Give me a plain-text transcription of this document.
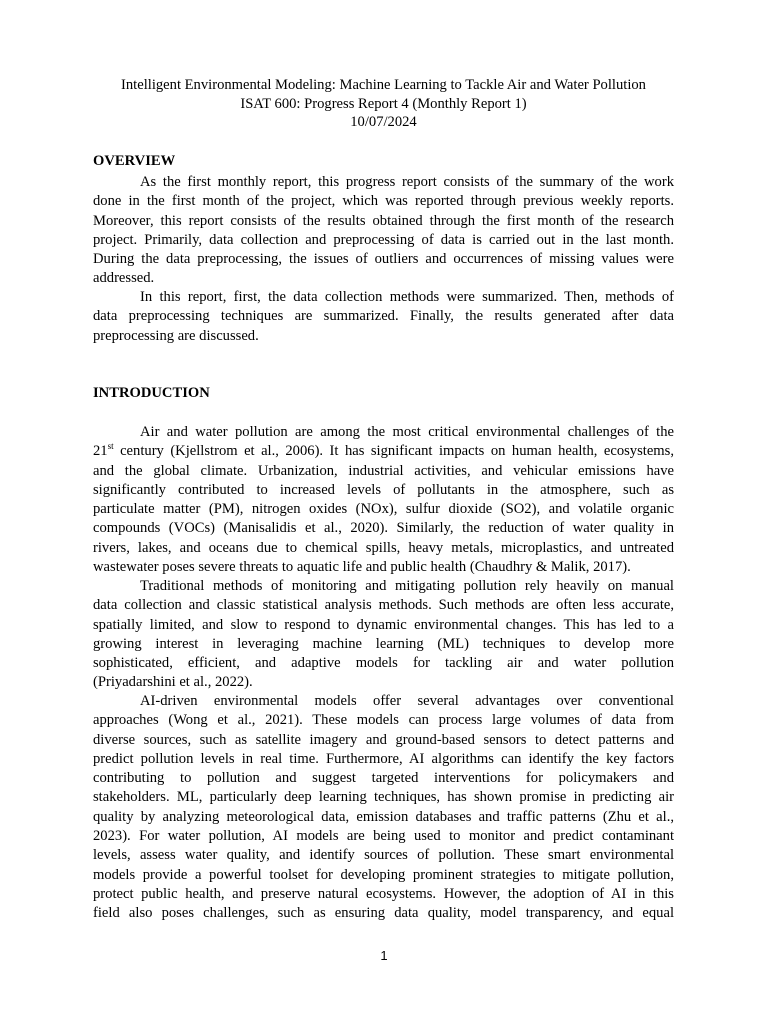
Intelligent Environmental Modeling: Machine Learning to Tackle Air and Water Pollution
ISAT 600: Progress Report 4 (Monthly Report 1)
10/07/2024
OVERVIEW
As the first monthly report, this progress report consists of the summary of the work
done in the first month of the project, which was reported through previous weekly reports.
Moreover, this report consists of the results obtained through the first month of the research
project. Primarily, data collection and preprocessing of data is carried out in the last month.
During the data preprocessing, the issues of outliers and occurrences of missing values were
addressed.
In this report, first, the data collection methods were summarized. Then, methods of
data preprocessing techniques are summarized. Finally, the results generated after data
preprocessing are discussed.
INTRODUCTION
Air and water pollution are among the most critical environmental challenges of the
21st century (Kjellstrom et al., 2006). It has significant impacts on human health, ecosystems,
and the global climate. Urbanization, industrial activities, and vehicular emissions have
significantly contributed to increased levels of pollutants in the atmosphere, such as
particulate matter (PM), nitrogen oxides (NOx), sulfur dioxide (SO2), and volatile organic
compounds (VOCs) (Manisalidis et al., 2020). Similarly, the reduction of water quality in
rivers, lakes, and oceans due to chemical spills, heavy metals, microplastics, and untreated
wastewater poses severe threats to aquatic life and public health (Chaudhry & Malik, 2017).
Traditional methods of monitoring and mitigating pollution rely heavily on manual
data collection and classic statistical analysis methods. Such methods are often less accurate,
spatially limited, and slow to respond to dynamic environmental changes. This has led to a
growing interest in leveraging machine learning (ML) techniques to develop more
sophisticated, efficient, and adaptive models for tackling air and water pollution
(Priyadarshini et al., 2022).
AI-driven environmental models offer several advantages over conventional
approaches (Wong et al., 2021). These models can process large volumes of data from
diverse sources, such as satellite imagery and ground-based sensors to detect patterns and
predict pollution levels in real time. Furthermore, AI algorithms can identify the key factors
contributing to pollution and suggest targeted interventions for policymakers and
stakeholders. ML, particularly deep learning techniques, has shown promise in predicting air
quality by analyzing meteorological data, emission databases and traffic patterns (Zhu et al.,
2023). For water pollution, AI models are being used to monitor and predict contaminant
levels, assess water quality, and identify sources of pollution. These smart environmental
models provide a powerful toolset for developing prominent strategies to mitigate pollution,
protect public health, and preserve natural ecosystems. However, the adoption of AI in this
field also poses challenges, such as ensuring data quality, model transparency, and equal
1
